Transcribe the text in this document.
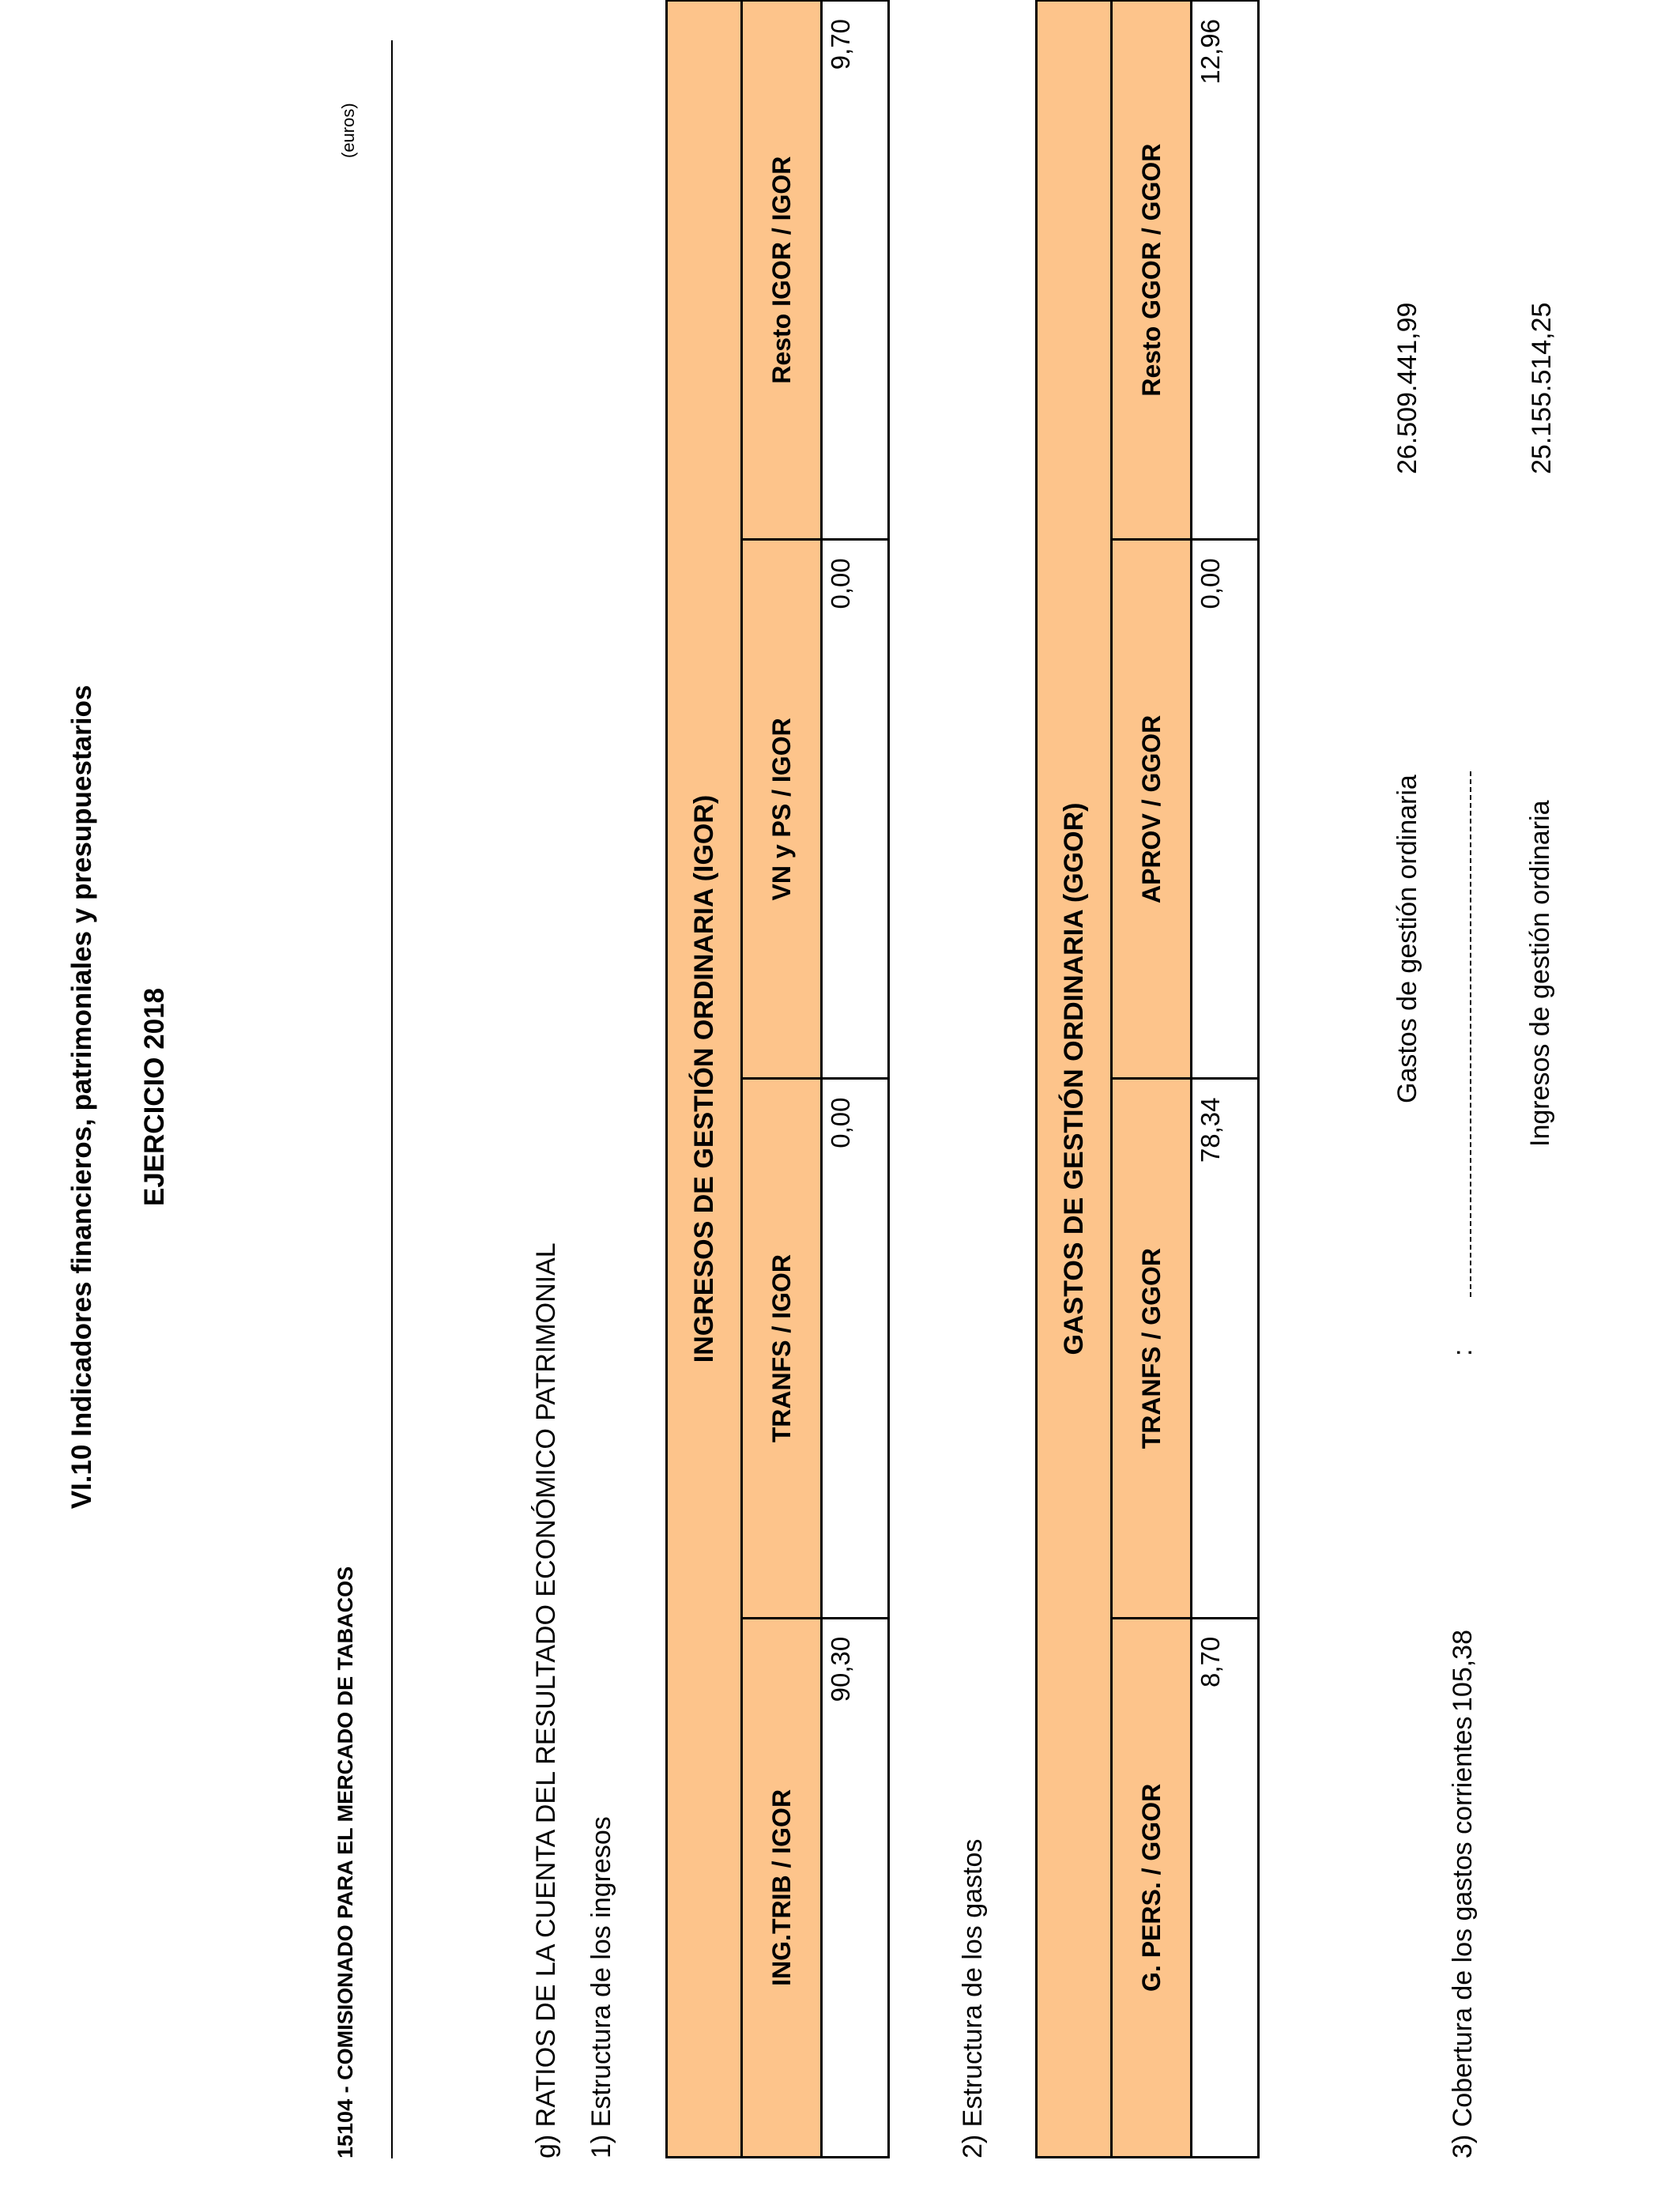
VI.10 Indicadores financieros, patrimoniales y presupuestarios EJERCICIO 2018
15104 - COMISIONADO PARA EL MERCADO DE TABACOS
(euros)
g) RATIOS DE LA CUENTA DEL RESULTADO ECONÓMICO PATRIMONIAL 1) Estructura de los ingresos
INGRESOS DE GESTIÓN ORDINARIA (IGOR)			
ING.TRIB / IGOR	TRANFS / IGOR	VN y PS / IGOR	Resto IGOR / IGOR
90,30	0,00	0,00	9,70
2) Estructura de los gastos
GASTOS DE GESTIÓN ORDINARIA (GGOR)			
G. PERS. / GGOR	TRANFS / GGOR	APROV / GGOR	Resto GGOR / GGOR
8,70	78,34	0,00	12,96
3) Cobertura de los gastos corrientes
105,38
:
Gastos de gestión ordinaria	Ingresos de gestión ordinaria
26.509.441,99	25.155.514,25
